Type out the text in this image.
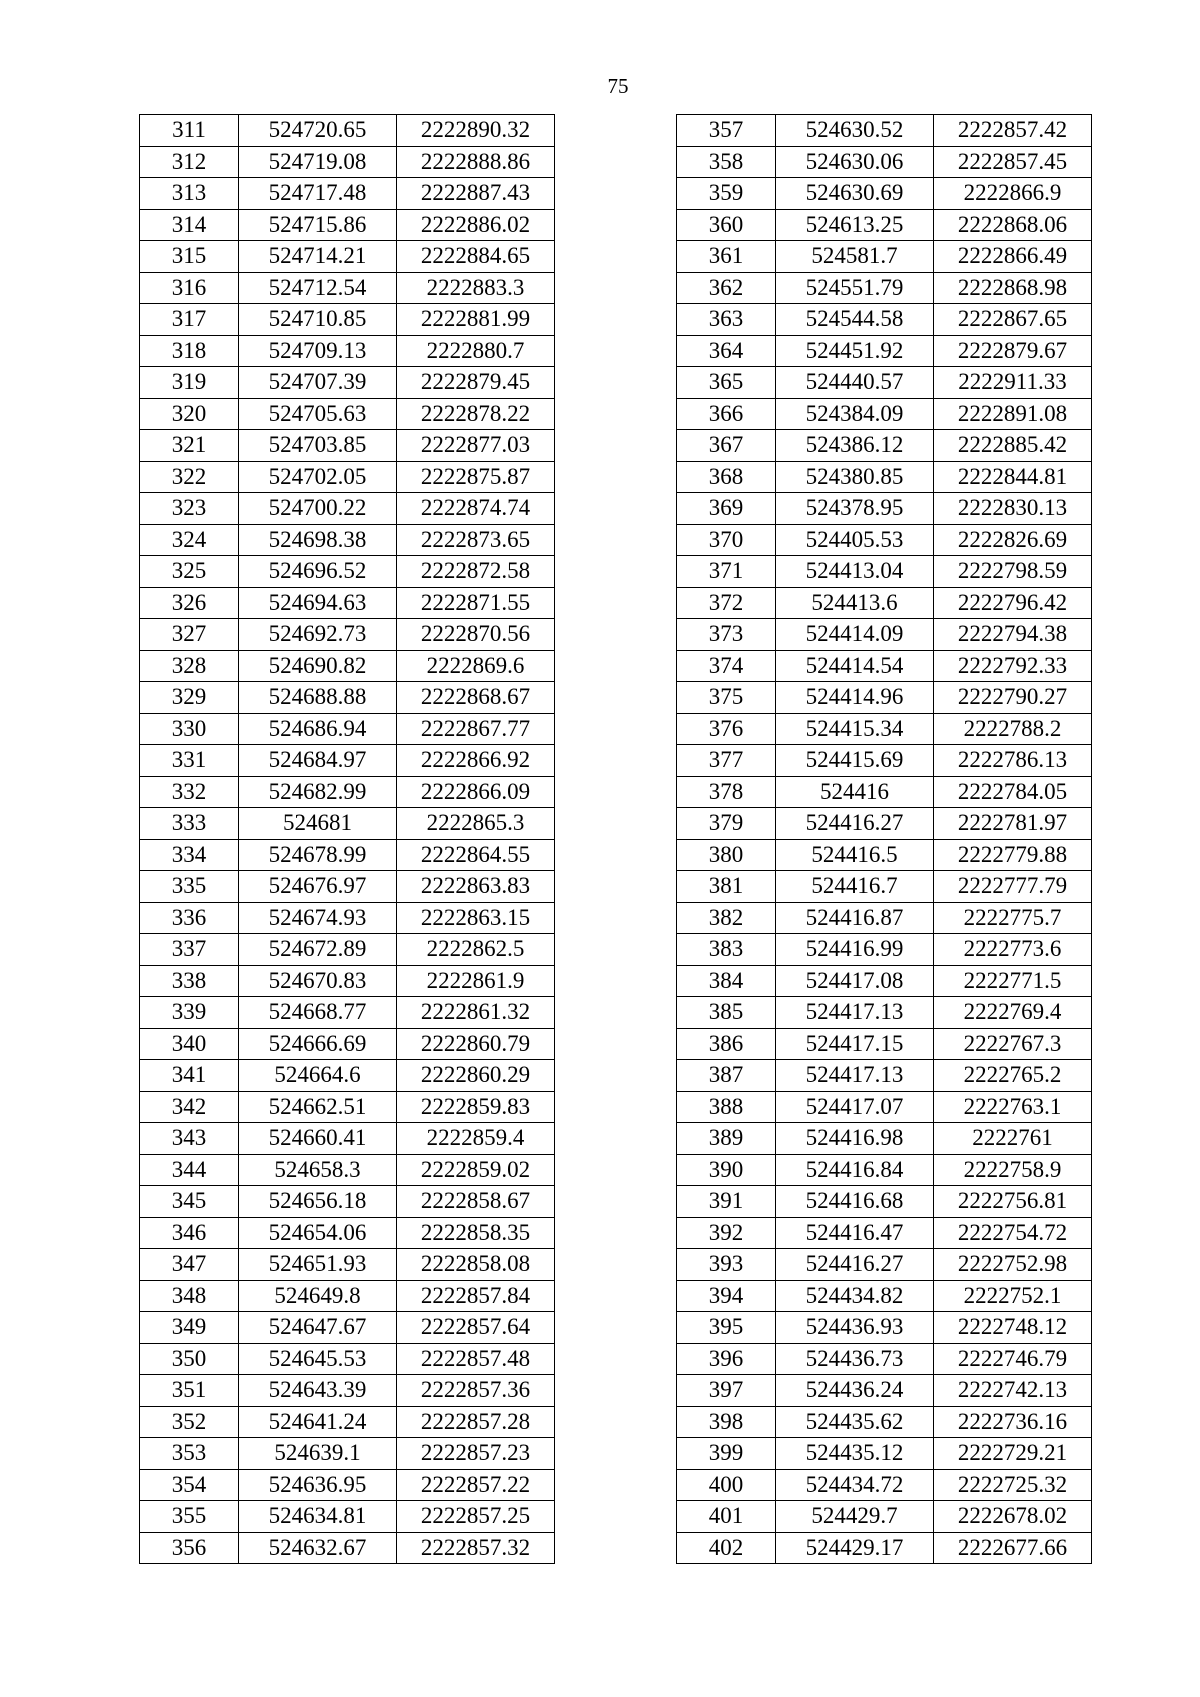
75
311	524720.65	2222890.32
312	524719.08	2222888.86
313	524717.48	2222887.43
314	524715.86	2222886.02
315	524714.21	2222884.65
316	524712.54	2222883.3
317	524710.85	2222881.99
318	524709.13	2222880.7
319	524707.39	2222879.45
320	524705.63	2222878.22
321	524703.85	2222877.03
322	524702.05	2222875.87
323	524700.22	2222874.74
324	524698.38	2222873.65
325	524696.52	2222872.58
326	524694.63	2222871.55
327	524692.73	2222870.56
328	524690.82	2222869.6
329	524688.88	2222868.67
330	524686.94	2222867.77
331	524684.97	2222866.92
332	524682.99	2222866.09
333	524681	2222865.3
334	524678.99	2222864.55
335	524676.97	2222863.83
336	524674.93	2222863.15
337	524672.89	2222862.5
338	524670.83	2222861.9
339	524668.77	2222861.32
340	524666.69	2222860.79
341	524664.6	2222860.29
342	524662.51	2222859.83
343	524660.41	2222859.4
344	524658.3	2222859.02
345	524656.18	2222858.67
346	524654.06	2222858.35
347	524651.93	2222858.08
348	524649.8	2222857.84
349	524647.67	2222857.64
350	524645.53	2222857.48
351	524643.39	2222857.36
352	524641.24	2222857.28
353	524639.1	2222857.23
354	524636.95	2222857.22
355	524634.81	2222857.25
356	524632.67	2222857.32
357	524630.52	2222857.42
358	524630.06	2222857.45
359	524630.69	2222866.9
360	524613.25	2222868.06
361	524581.7	2222866.49
362	524551.79	2222868.98
363	524544.58	2222867.65
364	524451.92	2222879.67
365	524440.57	2222911.33
366	524384.09	2222891.08
367	524386.12	2222885.42
368	524380.85	2222844.81
369	524378.95	2222830.13
370	524405.53	2222826.69
371	524413.04	2222798.59
372	524413.6	2222796.42
373	524414.09	2222794.38
374	524414.54	2222792.33
375	524414.96	2222790.27
376	524415.34	2222788.2
377	524415.69	2222786.13
378	524416	2222784.05
379	524416.27	2222781.97
380	524416.5	2222779.88
381	524416.7	2222777.79
382	524416.87	2222775.7
383	524416.99	2222773.6
384	524417.08	2222771.5
385	524417.13	2222769.4
386	524417.15	2222767.3
387	524417.13	2222765.2
388	524417.07	2222763.1
389	524416.98	2222761
390	524416.84	2222758.9
391	524416.68	2222756.81
392	524416.47	2222754.72
393	524416.27	2222752.98
394	524434.82	2222752.1
395	524436.93	2222748.12
396	524436.73	2222746.79
397	524436.24	2222742.13
398	524435.62	2222736.16
399	524435.12	2222729.21
400	524434.72	2222725.32
401	524429.7	2222678.02
402	524429.17	2222677.66
